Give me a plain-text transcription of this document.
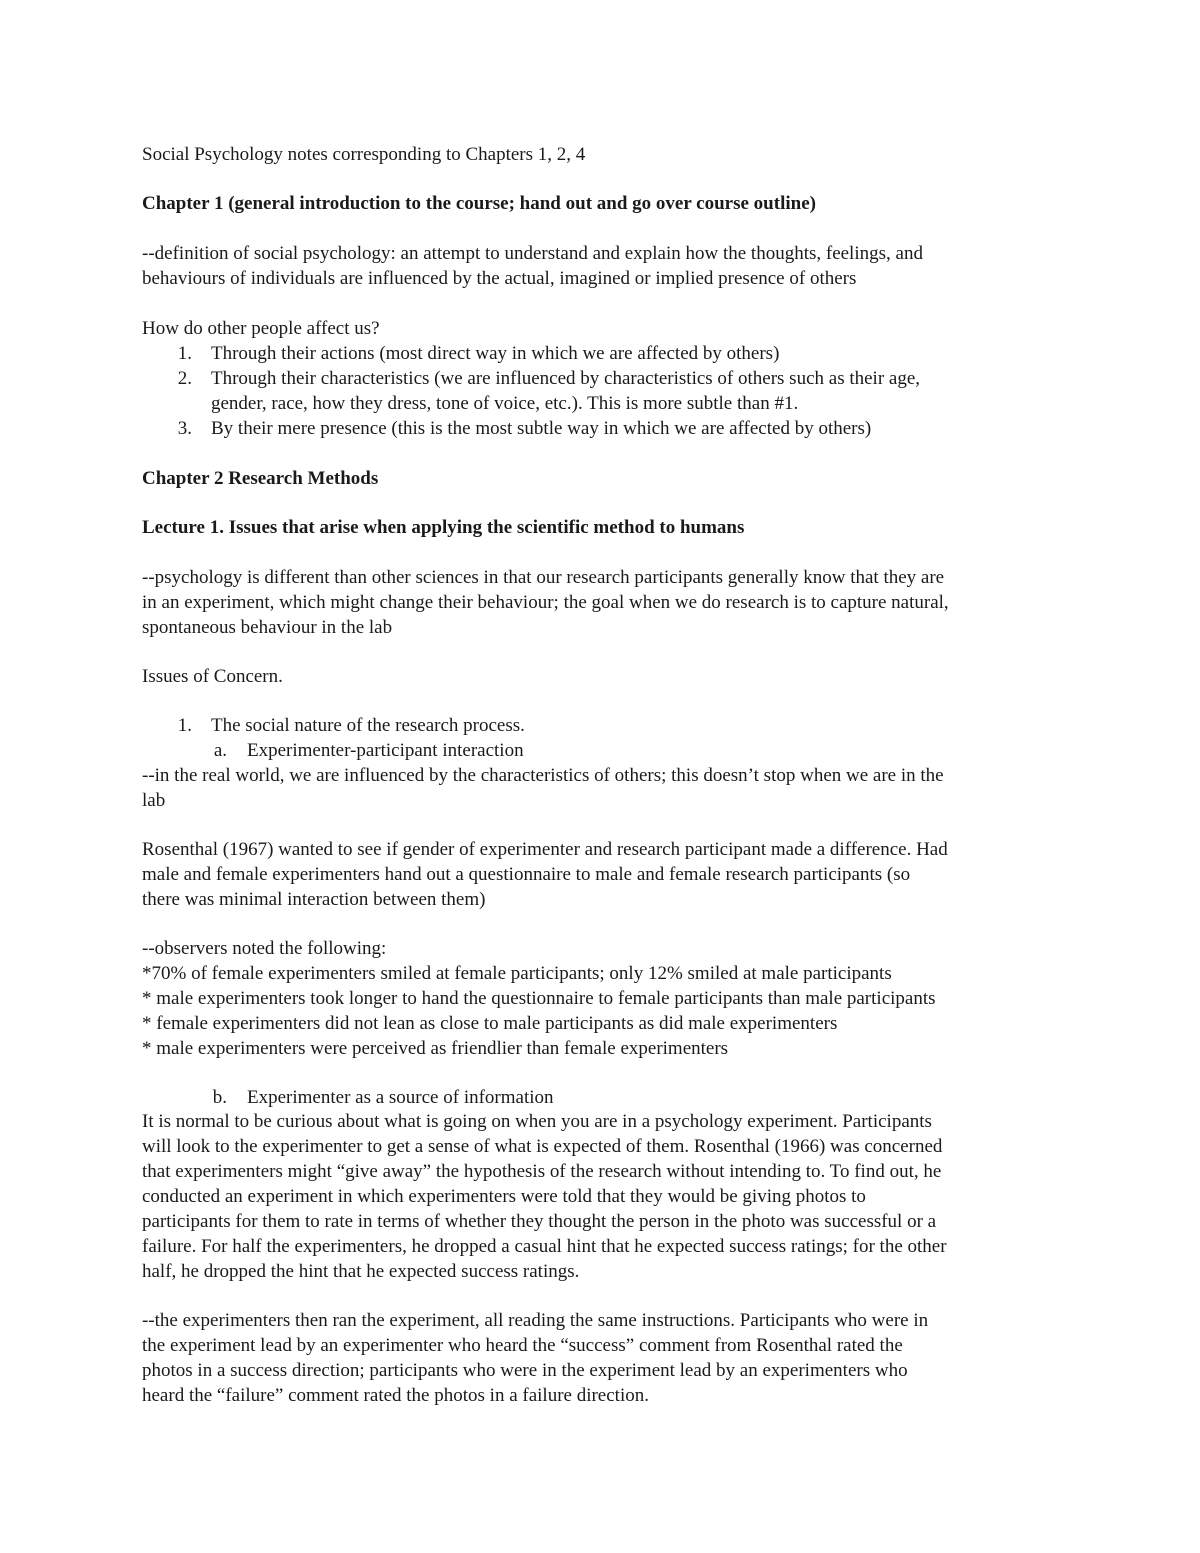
Social Psychology notes corresponding to Chapters 1, 2, 4

Chapter 1 (general introduction to the course; hand out and go over course outline)

--definition of social psychology: an attempt to understand and explain how the thoughts, feelings, and

behaviours of individuals are influenced by the actual, imagined or implied presence of others

How do other people affect us?

1. Through their actions (most direct way in which we are affected by others)

2. Through their characteristics (we are influenced by characteristics of others such as their age,

gender, race, how they dress, tone of voice, etc.). This is more subtle than #1.

3. By their mere presence (this is the most subtle way in which we are affected by others)

Chapter 2 Research Methods

Lecture 1. Issues that arise when applying the scientific method to humans

--psychology is different than other sciences in that our research participants generally know that they are

in an experiment, which might change their behaviour; the goal when we do research is to capture natural,

spontaneous behaviour in the lab

Issues of Concern.

1. The social nature of the research process.

a. Experimenter-participant interaction

--in the real world, we are influenced by the characteristics of others; this doesn’t stop when we are in the

lab

Rosenthal (1967) wanted to see if gender of experimenter and research participant made a difference. Had

male and female experimenters hand out a questionnaire to male and female research participants (so

there was minimal interaction between them)

--observers noted the following:

*70% of female experimenters smiled at female participants; only 12% smiled at male participants

* male experimenters took longer to hand the questionnaire to female participants than male participants

* female experimenters did not lean as close to male participants as did male experimenters

* male experimenters were perceived as friendlier than female experimenters

b. Experimenter as a source of information

It is normal to be curious about what is going on when you are in a psychology experiment. Participants

will look to the experimenter to get a sense of what is expected of them. Rosenthal (1966) was concerned

that experimenters might “give away” the hypothesis of the research without intending to. To find out, he

conducted an experiment in which experimenters were told that they would be giving photos to

participants for them to rate in terms of whether they thought the person in the photo was successful or a

failure. For half the experimenters, he dropped a casual hint that he expected success ratings; for the other

half, he dropped the hint that he expected success ratings.

--the experimenters then ran the experiment, all reading the same instructions. Participants who were in

the experiment lead by an experimenter who heard the “success” comment from Rosenthal rated the

photos in a success direction; participants who were in the experiment lead by an experimenters who

heard the “failure” comment rated the photos in a failure direction.
